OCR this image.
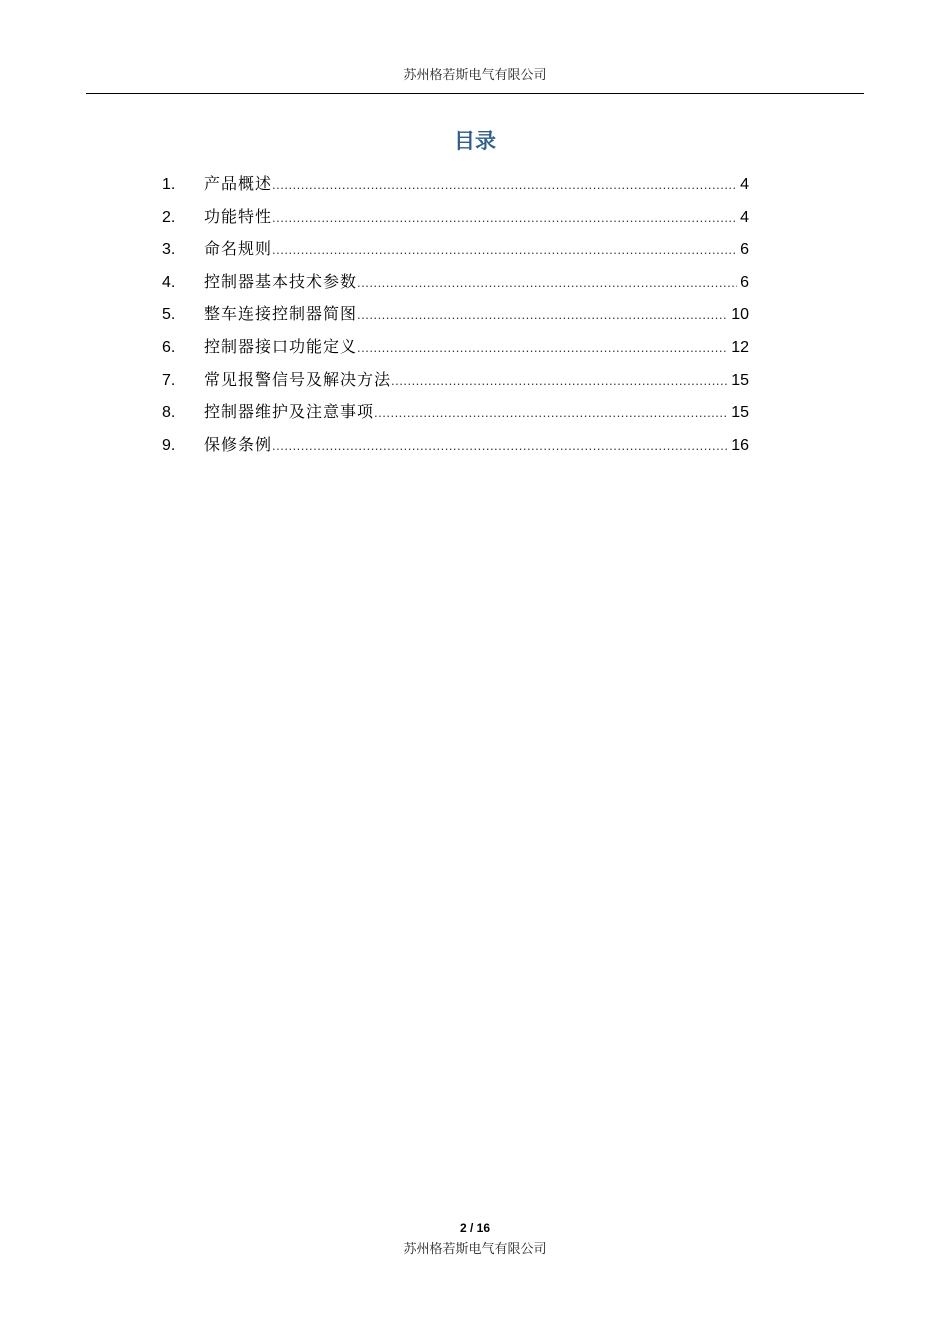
苏州格若斯电气有限公司
目录
1.	产品概述 .....	4
2.	功能特性 .....	4
3.	命名规则 .....	6
4.	控制器基本技术参数 .....	6
5.	整车连接控制器简图 .....	10
6.	控制器接口功能定义 .....	12
7.	常见报警信号及解决方法 .....	15
8.	控制器维护及注意事项 .....	15
9.	保修条例 .....	16
2 / 16
苏州格若斯电气有限公司
